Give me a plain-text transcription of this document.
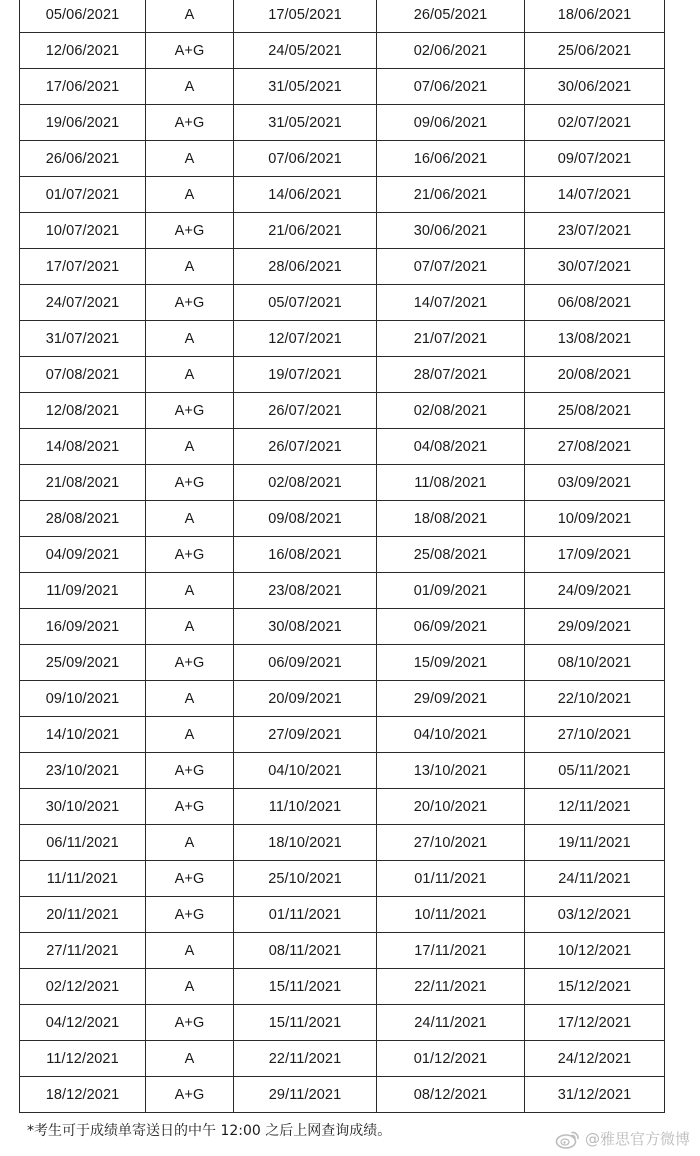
05/06/2021	A	17/05/2021	26/05/2021	18/06/2021
12/06/2021	A+G	24/05/2021	02/06/2021	25/06/2021
17/06/2021	A	31/05/2021	07/06/2021	30/06/2021
19/06/2021	A+G	31/05/2021	09/06/2021	02/07/2021
26/06/2021	A	07/06/2021	16/06/2021	09/07/2021
01/07/2021	A	14/06/2021	21/06/2021	14/07/2021
10/07/2021	A+G	21/06/2021	30/06/2021	23/07/2021
17/07/2021	A	28/06/2021	07/07/2021	30/07/2021
24/07/2021	A+G	05/07/2021	14/07/2021	06/08/2021
31/07/2021	A	12/07/2021	21/07/2021	13/08/2021
07/08/2021	A	19/07/2021	28/07/2021	20/08/2021
12/08/2021	A+G	26/07/2021	02/08/2021	25/08/2021
14/08/2021	A	26/07/2021	04/08/2021	27/08/2021
21/08/2021	A+G	02/08/2021	11/08/2021	03/09/2021
28/08/2021	A	09/08/2021	18/08/2021	10/09/2021
04/09/2021	A+G	16/08/2021	25/08/2021	17/09/2021
11/09/2021	A	23/08/2021	01/09/2021	24/09/2021
16/09/2021	A	30/08/2021	06/09/2021	29/09/2021
25/09/2021	A+G	06/09/2021	15/09/2021	08/10/2021
09/10/2021	A	20/09/2021	29/09/2021	22/10/2021
14/10/2021	A	27/09/2021	04/10/2021	27/10/2021
23/10/2021	A+G	04/10/2021	13/10/2021	05/11/2021
30/10/2021	A+G	11/10/2021	20/10/2021	12/11/2021
06/11/2021	A	18/10/2021	27/10/2021	19/11/2021
11/11/2021	A+G	25/10/2021	01/11/2021	24/11/2021
20/11/2021	A+G	01/11/2021	10/11/2021	03/12/2021
27/11/2021	A	08/11/2021	17/11/2021	10/12/2021
02/12/2021	A	15/11/2021	22/11/2021	15/12/2021
04/12/2021	A+G	15/11/2021	24/11/2021	17/12/2021
11/12/2021	A	22/11/2021	01/12/2021	24/12/2021
18/12/2021	A+G	29/11/2021	08/12/2021	31/12/2021
*考生可于成绩单寄送日的中午 12:00 之后上网查询成绩。	@雅思官方微博
